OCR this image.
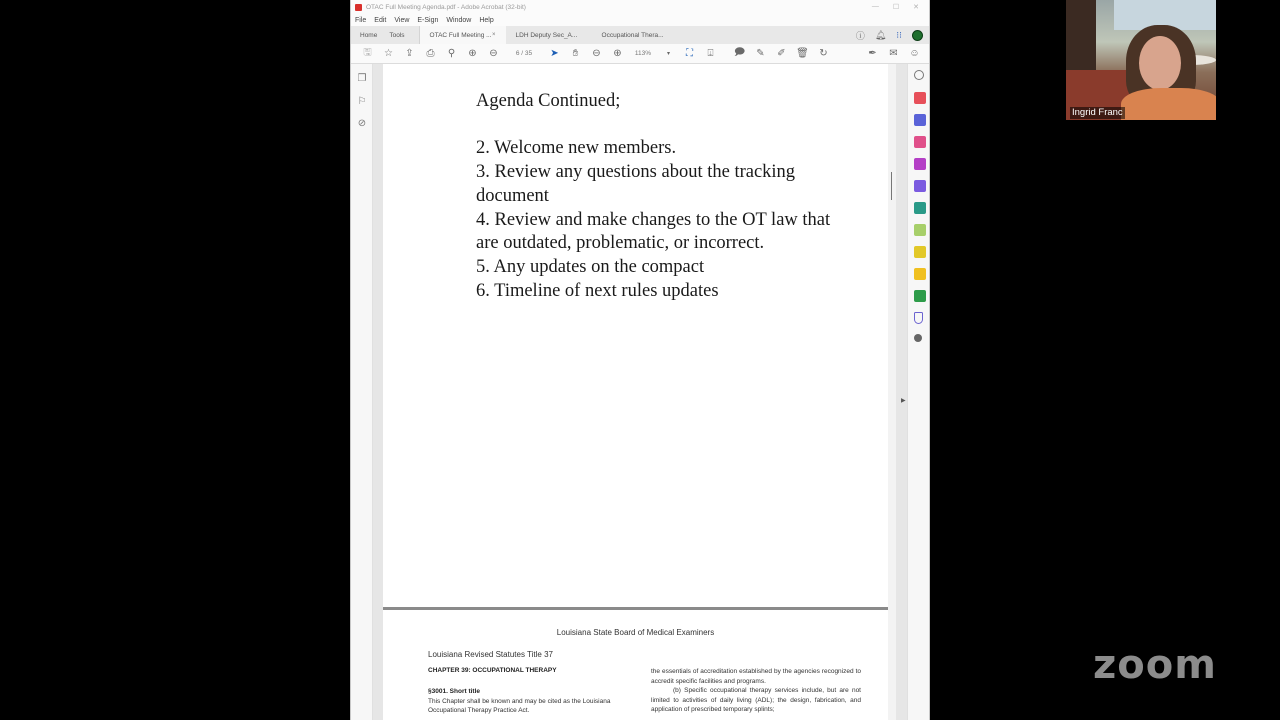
OTAC Full Meeting Agenda.pdf - Adobe Acrobat (32-bit)	— ☐ ✕
File Edit View E-Sign Window Help
Home	Tools	OTAC Full Meeting ... ×	LDH Deputy Sec_A...	Occupational Thera...	ⓘ 🔔︎ ⁝⁝
🖫︎	☆	⇪	⎙	⚲	⊕	⊖	6 / 35	➤	✋︎	⊖	⊕	113%	▾	⛶	⍗	🗩	✎	✐	🗑︎	↻	✒	✉	☺
❐
⚐
⊘
Agenda Continued;
2. Welcome new members.
3. Review any questions about the tracking document
4. Review and make changes to the OT law that are outdated, problematic, or incorrect.
5. Any updates on the compact
6. Timeline of next rules updates
Louisiana State Board of Medical Examiners
Louisiana Revised Statutes Title 37
CHAPTER 39: OCCUPATIONAL THERAPY
§3001. Short title
This Chapter shall be known and may be cited as the Louisiana Occupational Therapy Practice Act.
the essentials of accreditation established by the agencies recognized to accredit specific facilities and programs.
(b) Specific occupational therapy services include, but are not limited to activities of daily living (ADL); the design, fabrication, and application of prescribed temporary splints;
▶
Ingrid Franc
zoom
